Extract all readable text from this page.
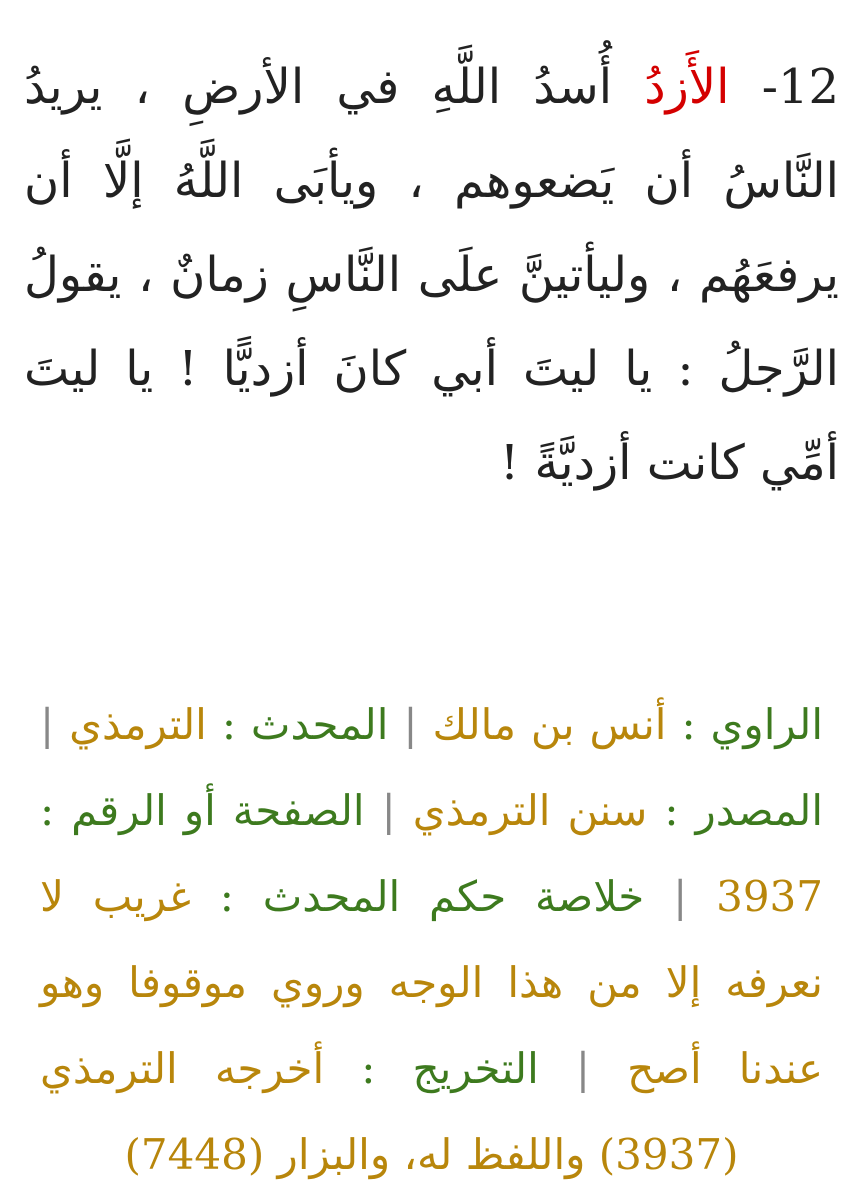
12- الأَزدُ أُسدُ اللَّهِ في الأرضِ ، يريدُ النَّاسُ أن يَضعوهم ، ويأبَى اللَّهُ إلَّا أن يرفعَهُم ، وليأتينَّ علَى النَّاسِ زمانٌ ، يقولُ الرَّجلُ : يا ليتَ أبي كانَ أزديًّا ! يا ليتَ أمِّي كانت أزديَّةً !
الراوي : أنس بن مالك | المحدث : الترمذي | المصدر : سنن الترمذي | الصفحة أو الرقم : 3937 | خلاصة حكم المحدث : غريب لا نعرفه إلا من هذا الوجه وروي موقوفا وهو عندنا أصح | التخريج : أخرجه الترمذي (3937) واللفظ له، والبزار (7448)
